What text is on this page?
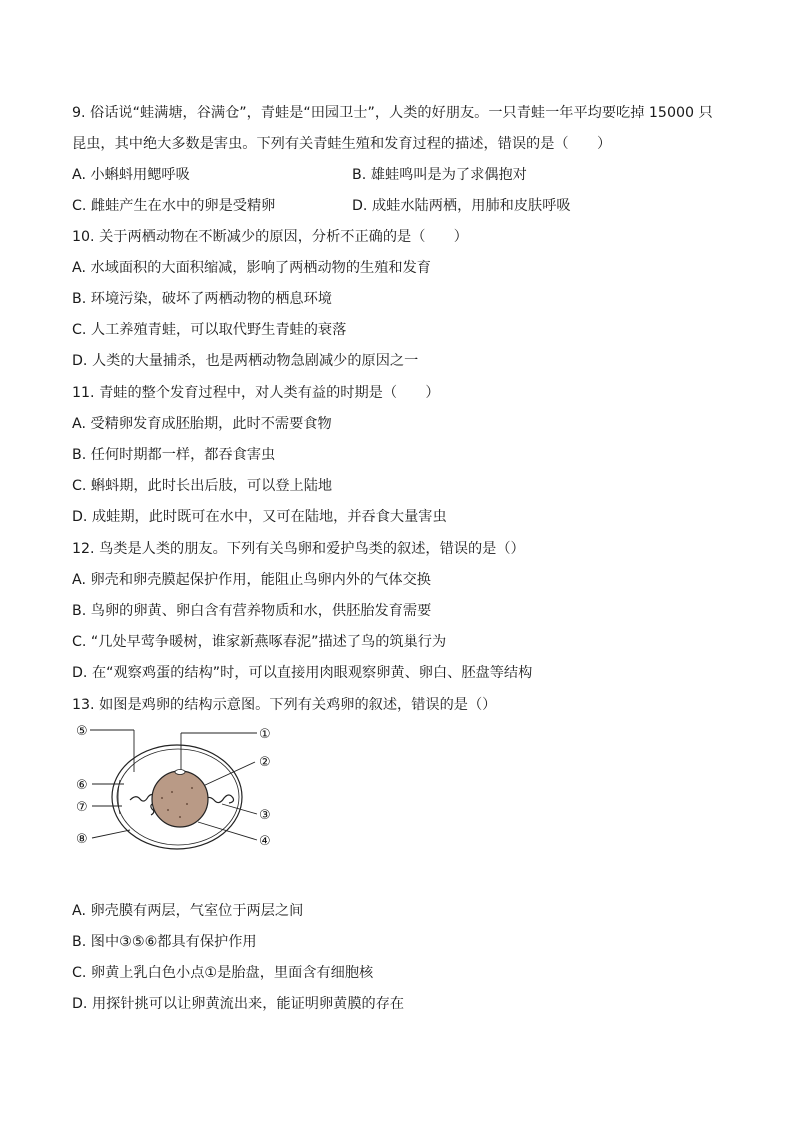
9. 俗话说“蛙满塘，谷满仓”，青蛙是“田园卫士”，人类的好朋友。一只青蛙一年平均要吃掉 15000 只
昆虫，其中绝大多数是害虫。下列有关青蛙生殖和发育过程的描述，错误的是（　　）
A. 小蝌蚪用鳃呼吸	B. 雄蛙鸣叫是为了求偶抱对
C. 雌蛙产生在水中的卵是受精卵	D. 成蛙水陆两栖，用肺和皮肤呼吸
10. 关于两栖动物在不断减少的原因，分析不正确的是（　　）
A. 水域面积的大面积缩减，影响了两栖动物的生殖和发育
B. 环境污染，破坏了两栖动物的栖息环境
C. 人工养殖青蛙，可以取代野生青蛙的衰落
D. 人类的大量捕杀，也是两栖动物急剧减少的原因之一
11. 青蛙的整个发育过程中，对人类有益的时期是（　　）
A. 受精卵发育成胚胎期，此时不需要食物
B. 任何时期都一样，都吞食害虫
C. 蝌蚪期，此时长出后肢，可以登上陆地
D. 成蛙期，此时既可在水中，又可在陆地，并吞食大量害虫
12. 鸟类是人类的朋友。下列有关鸟卵和爱护鸟类的叙述，错误的是（）
A. 卵壳和卵壳膜起保护作用，能阻止鸟卵内外的气体交换
B. 鸟卵的卵黄、卵白含有营养物质和水，供胚胎发育需要
C. “几处早莺争暖树，谁家新燕啄春泥”描述了鸟的筑巢行为
D. 在“观察鸡蛋的结构”时，可以直接用肉眼观察卵黄、卵白、胚盘等结构
13. 如图是鸡卵的结构示意图。下列有关鸡卵的叙述，错误的是（）
⑤	①
②
⑥
⑦
③
⑧	④
A. 卵壳膜有两层，气室位于两层之间
B. 图中③⑤⑥都具有保护作用
C. 卵黄上乳白色小点①是胎盘，里面含有细胞核
D. 用探针挑可以让卵黄流出来，能证明卵黄膜的存在
